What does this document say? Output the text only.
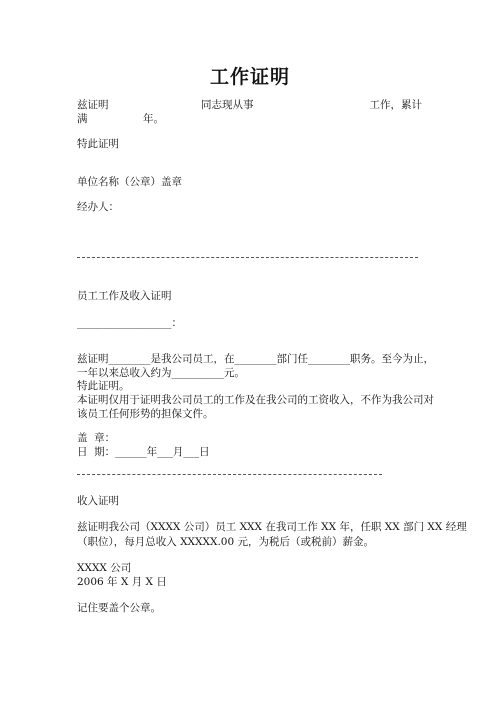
工作证明
兹证明	同志现从事	工作，累计
满	年。
特此证明
单位名称（公章）盖章
经办人：
员工工作及收入证明
__________________：
兹证明________是我公司员工，在________部门任________职务。至今为止，
一年以来总收入约为__________元。
特此证明。
本证明仅用于证明我公司员工的工作及在我公司的工资收入，不作为我公司对
该员工任何形势的担保文件。
盖  章：
日  期：______年___月___日
收入证明
兹证明我公司（XXXX 公司）员工 XXX 在我司工作 XX 年，任职 XX 部门 XX 经理
（职位），每月总收入 XXXXX.00 元，为税后（或税前）薪金。
XXXX 公司
2006 年 X 月 X 日
记住要盖个公章。
